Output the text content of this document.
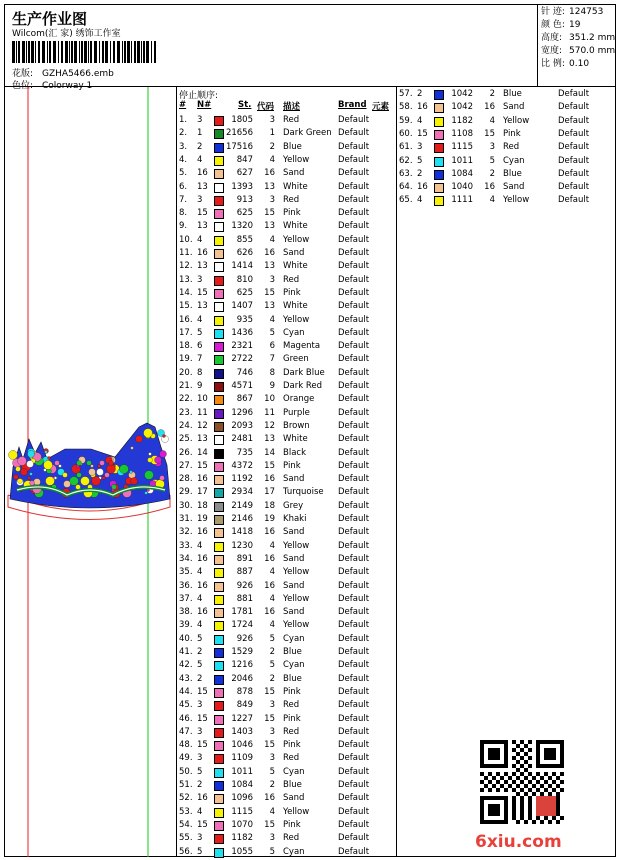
生产作业图
Wilcom(汇 家) 绣饰工作室
花版: GZHA5466.emb
色位: Colorway 1
针 迹: 124753
颜 色: 19
高度: 351.2 mm
宽度: 570.0 mm
比 例: 0.10
停止顺序:
# N#	St. 代码 描述	Brand 元素
1. 3	1805	3 Red	Default
2. 1	21656	1 Dark Green Default
3. 2	17516	2 Blue	Default
4. 4	847	4 Yellow	Default
5. 16	627	16 Sand	Default
6. 13	1393	13 White	Default
7. 3	913	3 Red	Default
8. 15	625	15 Pink	Default
9. 13	1320	13 White	Default
10. 4	855	4 Yellow	Default
11. 16	626	16 Sand	Default
12. 13	1414	13 White	Default
13. 3	810	3 Red	Default
14. 15	625	15 Pink	Default
15. 13	1407	13 White	Default
16. 4	935	4 Yellow	Default
17. 5	1436	5 Cyan	Default
18. 6	2321	6 Magenta Default
19. 7	2722	7 Green	Default
20. 8	746	8 Dark Blue Default
21. 9	4571	9 Dark Red Default
22. 10	867	10 Orange	Default
23. 11	1296	11 Purple	Default
24. 12	2093	12 Brown	Default
25. 13	2481	13 White	Default
26. 14	735	14 Black	Default
27. 15	4372	15 Pink	Default
28. 16	1192	16 Sand	Default
29. 17	2934	17 Turquoise Default
30. 18	2149	18 Grey	Default
31. 19	2146	19 Khaki	Default
32. 16	1418	16 Sand	Default
33. 4	1230	4 Yellow	Default
34. 16	891	16 Sand	Default
35. 4	887	4 Yellow	Default
36. 16	926	16 Sand	Default
37. 4	881	4 Yellow	Default
38. 16	1781	16 Sand	Default
39. 4	1724	4 Yellow	Default
40. 5	926	5 Cyan	Default
41. 2	1529	2 Blue	Default
42. 5	1216	5 Cyan	Default
43. 2	2046	2 Blue	Default
44. 15	878	15 Pink	Default
45. 3	849	3 Red	Default
46. 15	1227	15 Pink	Default
47. 3	1403	3 Red	Default
48. 15	1046	15 Pink	Default
49. 3	1109	3 Red	Default
50. 5	1011	5 Cyan	Default
51. 2	1084	2 Blue	Default
52. 16	1096	16 Sand	Default
53. 4	1115	4 Yellow	Default
54. 15	1070	15 Pink	Default
55. 3	1182	3 Red	Default
56. 5	1055	5 Cyan	Default
57. 2	1042	2 Blue	Default
58. 16	1042	16 Sand	Default
59. 4	1182	4 Yellow	Default
60. 15	1108	15 Pink	Default
61. 3	1115	3 Red	Default
62. 5	1011	5 Cyan	Default
63. 2	1084	2 Blue	Default
64. 16	1040	16 Sand	Default
65. 4	1111	4 Yellow	Default
6xiu.com
